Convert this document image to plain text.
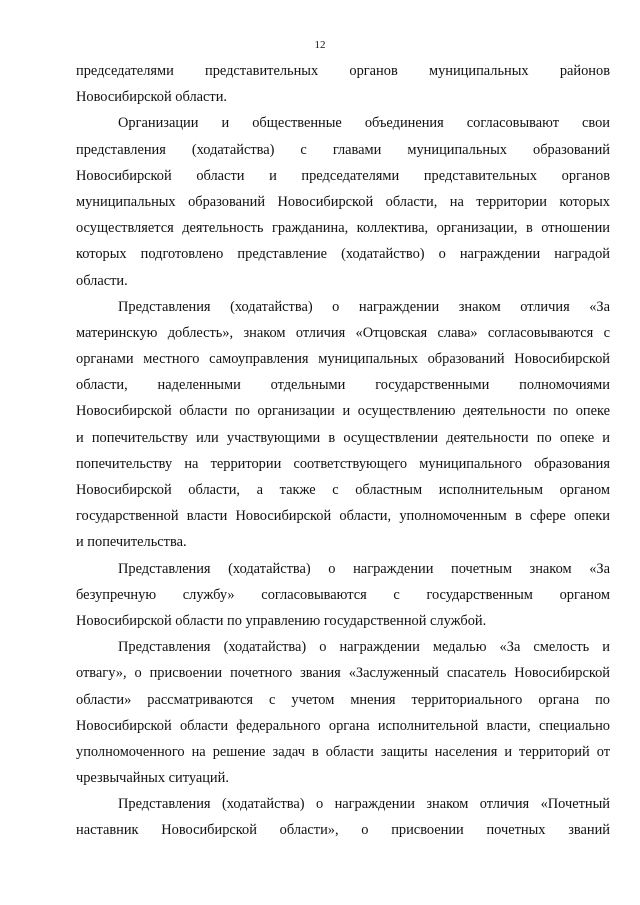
12
председателями представительных органов муниципальных районов
Новосибирской области.
Организации и общественные объединения согласовывают свои
представления (ходатайства) с главами муниципальных образований
Новосибирской области и председателями представительных органов
муниципальных образований Новосибирской области, на территории которых
осуществляется деятельность гражданина, коллектива, организации, в отношении
которых подготовлено представление (ходатайство) о награждении наградой
области.
Представления (ходатайства) о награждении знаком отличия «За
материнскую доблесть», знаком отличия «Отцовская слава» согласовываются с
органами местного самоуправления муниципальных образований Новосибирской
области, наделенными отдельными государственными полномочиями
Новосибирской области по организации и осуществлению деятельности по опеке
и попечительству или участвующими в осуществлении деятельности по опеке и
попечительству на территории соответствующего муниципального образования
Новосибирской области, а также с областным исполнительным органом
государственной власти Новосибирской области, уполномоченным в сфере опеки
и попечительства.
Представления (ходатайства) о награждении почетным знаком «За
безупречную службу» согласовываются с государственным органом
Новосибирской области по управлению государственной службой.
Представления (ходатайства) о награждении медалью «За смелость и
отвагу», о присвоении почетного звания «Заслуженный спасатель Новосибирской
области» рассматриваются с учетом мнения территориального органа по
Новосибирской области федерального органа исполнительной власти, специально
уполномоченного на решение задач в области защиты населения и территорий от
чрезвычайных ситуаций.
Представления (ходатайства) о награждении знаком отличия «Почетный
наставник Новосибирской области», о присвоении почетных званий
